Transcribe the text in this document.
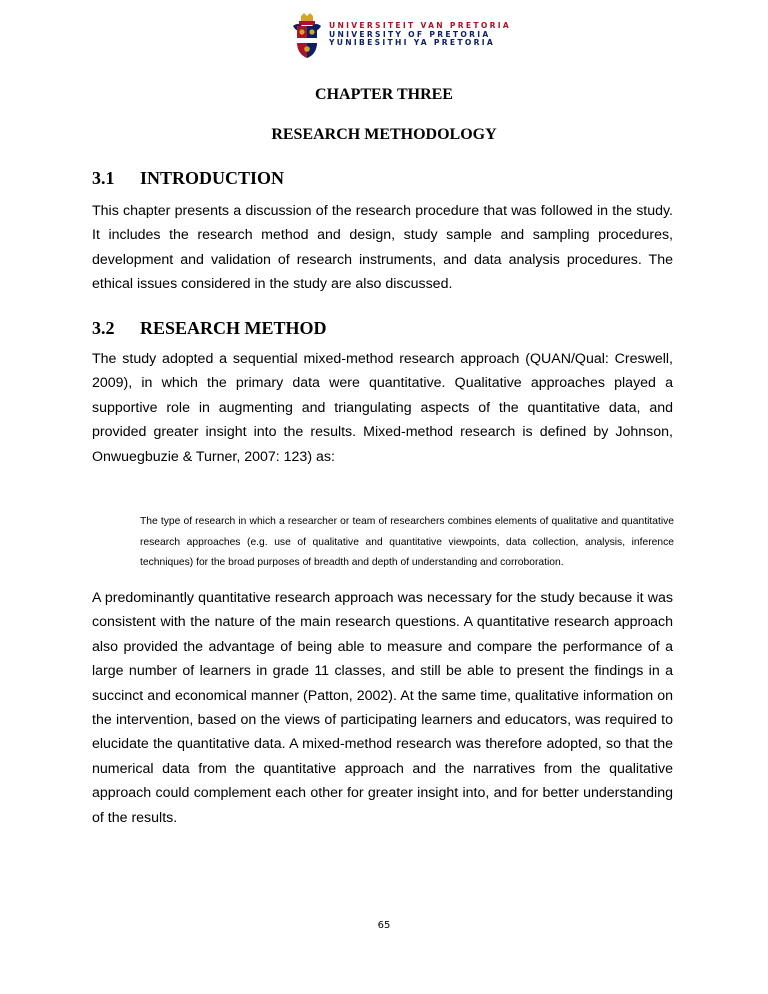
UNIVERSITEIT VAN PRETORIA
UNIVERSITY OF PRETORIA
YUNIBESITHI YA PRETORIA
CHAPTER THREE
RESEARCH METHODOLOGY
3.1 INTRODUCTION

This chapter presents a discussion of the research procedure that was followed in the study. It includes the research method and design, study sample and sampling procedures, development and validation of research instruments, and data analysis procedures. The ethical issues considered in the study are also discussed.

3.2 RESEARCH METHOD

The study adopted a sequential mixed-method research approach (QUAN/Qual: Creswell, 2009), in which the primary data were quantitative. Qualitative approaches played a supportive role in augmenting and triangulating aspects of the quantitative data, and provided greater insight into the results. Mixed-method research is defined by Johnson, Onwuegbuzie & Turner, 2007: 123) as:

The type of research in which a researcher or team of researchers combines elements of qualitative and quantitative research approaches (e.g. use of qualitative and quantitative viewpoints, data collection, analysis, inference techniques) for the broad purposes of breadth and depth of understanding and corroboration.

A predominantly quantitative research approach was necessary for the study because it was consistent with the nature of the main research questions. A quantitative research approach also provided the advantage of being able to measure and compare the performance of a large number of learners in grade 11 classes, and still be able to present the findings in a succinct and economical manner (Patton, 2002). At the same time, qualitative information on the intervention, based on the views of participating learners and educators, was required to elucidate the quantitative data. A mixed-method research was therefore adopted, so that the numerical data from the quantitative approach and the narratives from the qualitative approach could complement each other for greater insight into, and for better understanding of the results.

65
